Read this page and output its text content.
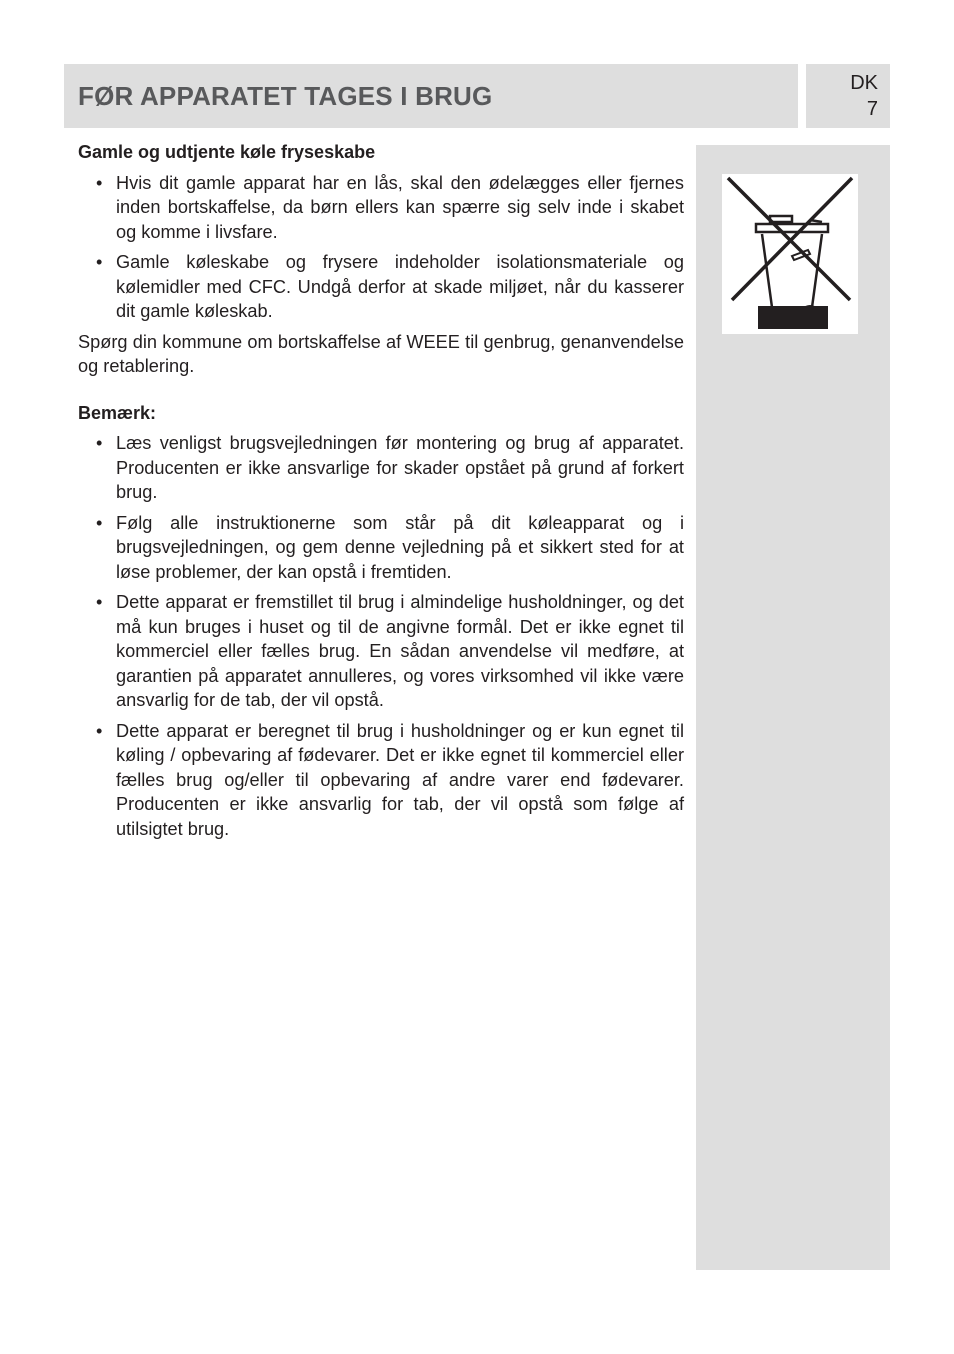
FØR APPARATET TAGES I BRUG	DK
7

Gamle og udtjente køle fryseskabe

• Hvis dit gamle apparat har en lås, skal den ødelægges eller fjernes inden bortskaffelse, da børn ellers kan spærre sig selv inde i skabet og komme i livsfare.
• Gamle køleskabe og frysere indeholder isolationsmateriale og kølemidler med CFC. Undgå derfor at skade miljøet, når du kasserer dit gamle køleskab.

Spørg din kommune om bortskaffelse af WEEE til genbrug, genanvendelse og retablering.

Bemærk:

• Læs venligst brugsvejledningen før montering og brug af apparatet. Producenten er ikke ansvarlige for skader opstået på grund af forkert brug.
• Følg alle instruktionerne som står på dit køleapparat og i brugsvejledningen, og gem denne vejledning på et sikkert sted for at løse problemer, der kan opstå i fremtiden.
• Dette apparat er fremstillet til brug i almindelige husholdninger, og det må kun bruges i huset og til de angivne formål. Det er ikke egnet til kommerciel eller fælles brug. En sådan anvendelse vil medføre, at garantien på apparatet annulleres, og vores virksomhed vil ikke være ansvarlig for de tab, der vil opstå.
• Dette apparat er beregnet til brug i husholdninger og er kun egnet til køling / opbevaring af fødevarer. Det er ikke egnet til kommerciel eller fælles brug og/eller til opbevaring af andre varer end fødevarer. Producenten er ikke ansvarlig for tab, der vil opstå som følge af utilsigtet brug.
